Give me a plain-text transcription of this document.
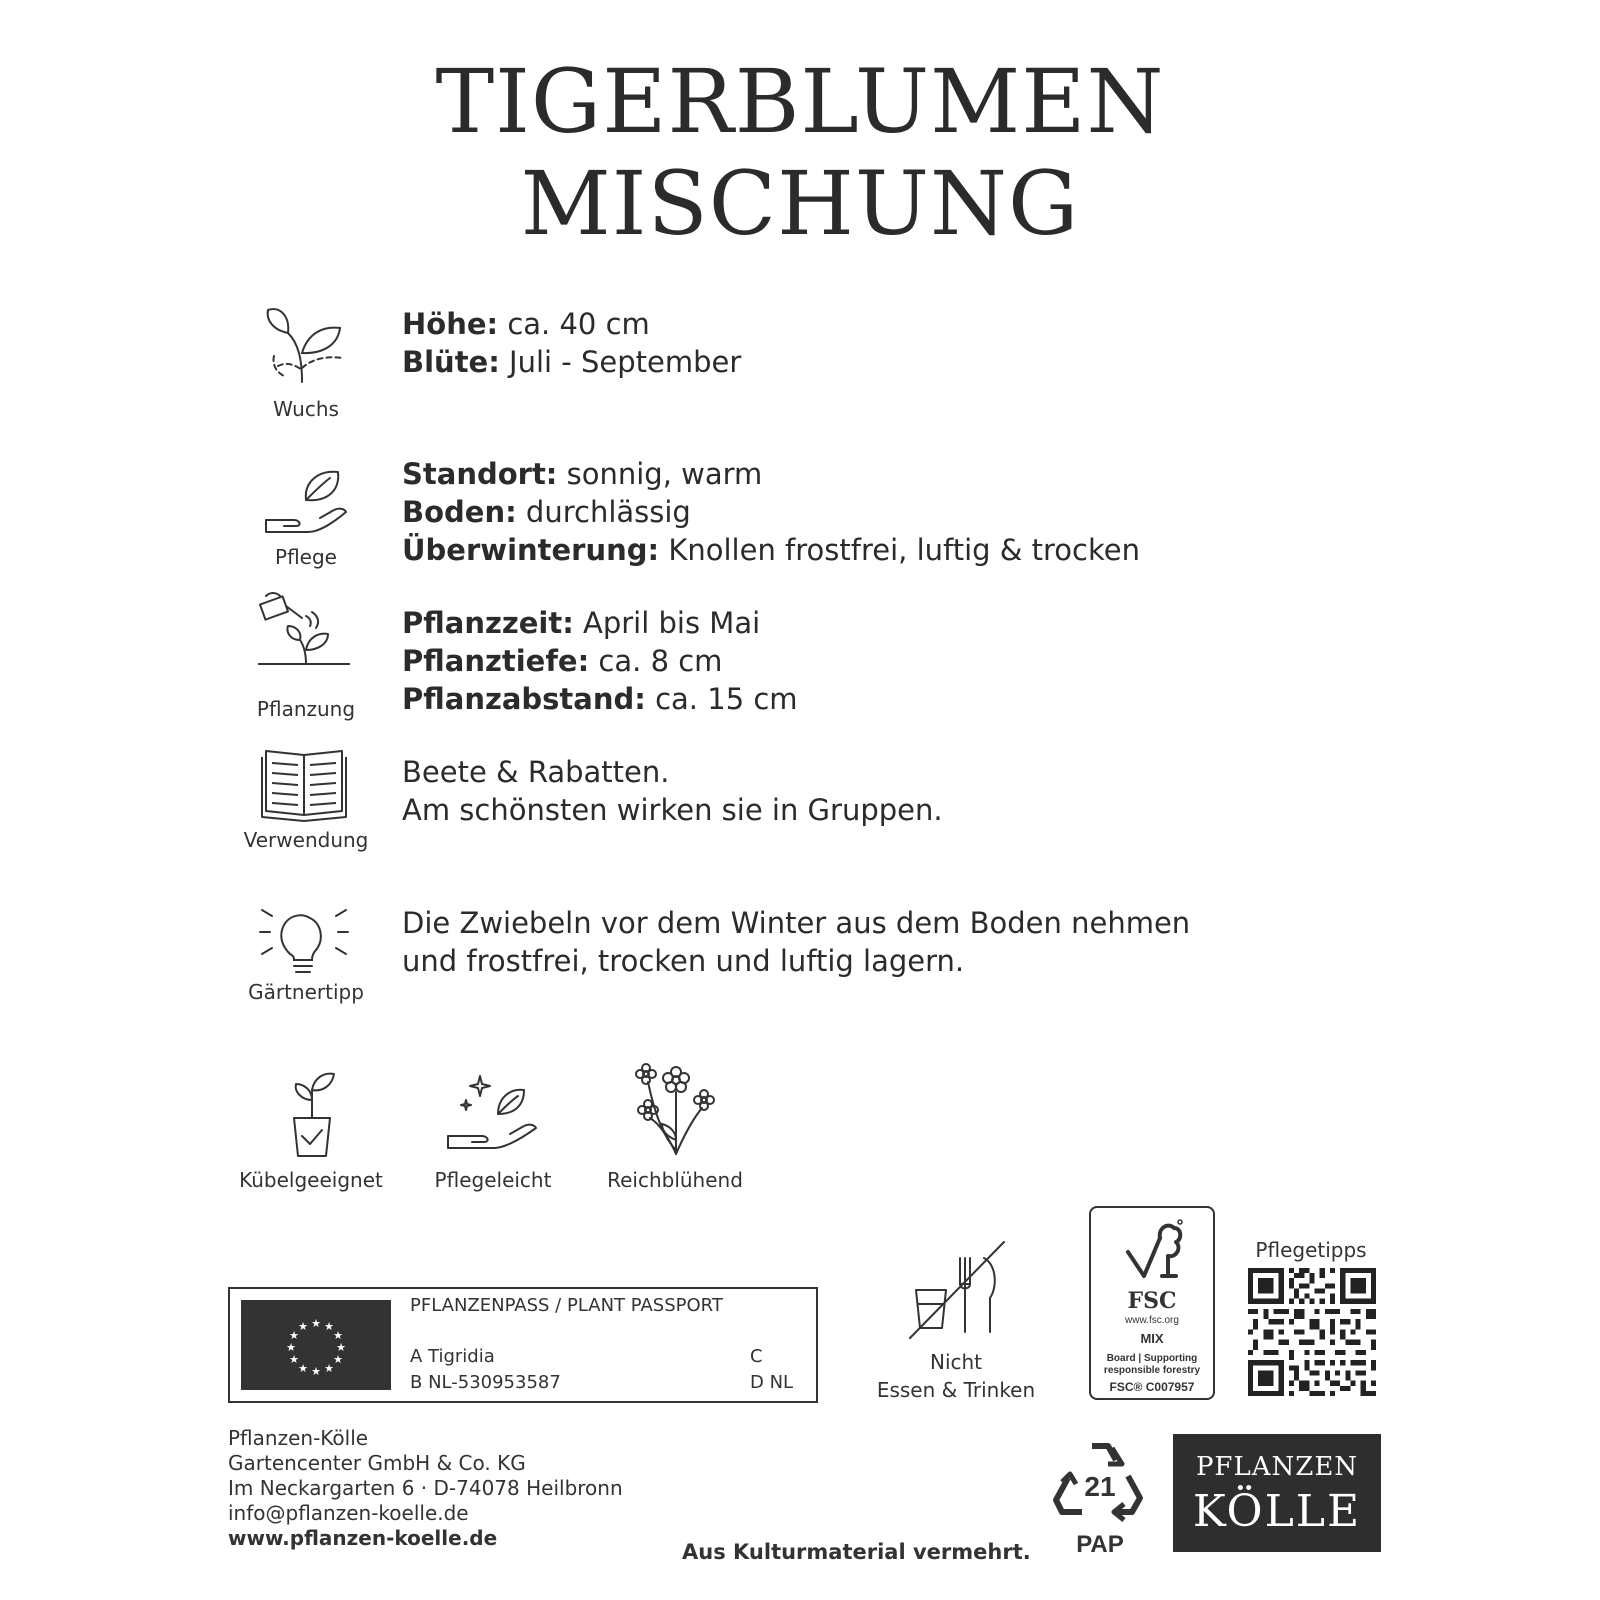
TIGERBLUMEN
MISCHUNG
Wuchs
Höhe: ca. 40 cm
Blüte: Juli - September
Pflege
Standort: sonnig, warm
Boden: durchlässig
Überwinterung: Knollen frostfrei, luftig & trocken
Pflanzung
Pflanzzeit: April bis Mai
Pflanztiefe: ca. 8 cm
Pflanzabstand: ca. 15 cm
Verwendung
Beete & Rabatten.
Am schönsten wirken sie in Gruppen.
Gärtnertipp
Die Zwiebeln vor dem Winter aus dem Boden nehmen
und frostfrei, trocken und luftig lagern.
Kübelgeeignet	Pflegeleicht	Reichblühend
★ ★
★
★
★
★
★
★
★
★
★
★
PFLANZENPASS / PLANT PASSPORT
A Tigridia
B NL-530953587
C
D NL
Nicht
Essen & Trinken
FSC
www.fsc.org
MIX
Board | Supporting
responsible forestry
FSC® C007957
Pflegetipps
Pflanzen-Kölle
Gartencenter GmbH & Co. KG
Im Neckargarten 6 · D-74078 Heilbronn
info@pflanzen-koelle.de
www.pflanzen-koelle.de
Aus Kulturmaterial vermehrt.
21
PAP
PFLANZEN
KÖLLE
